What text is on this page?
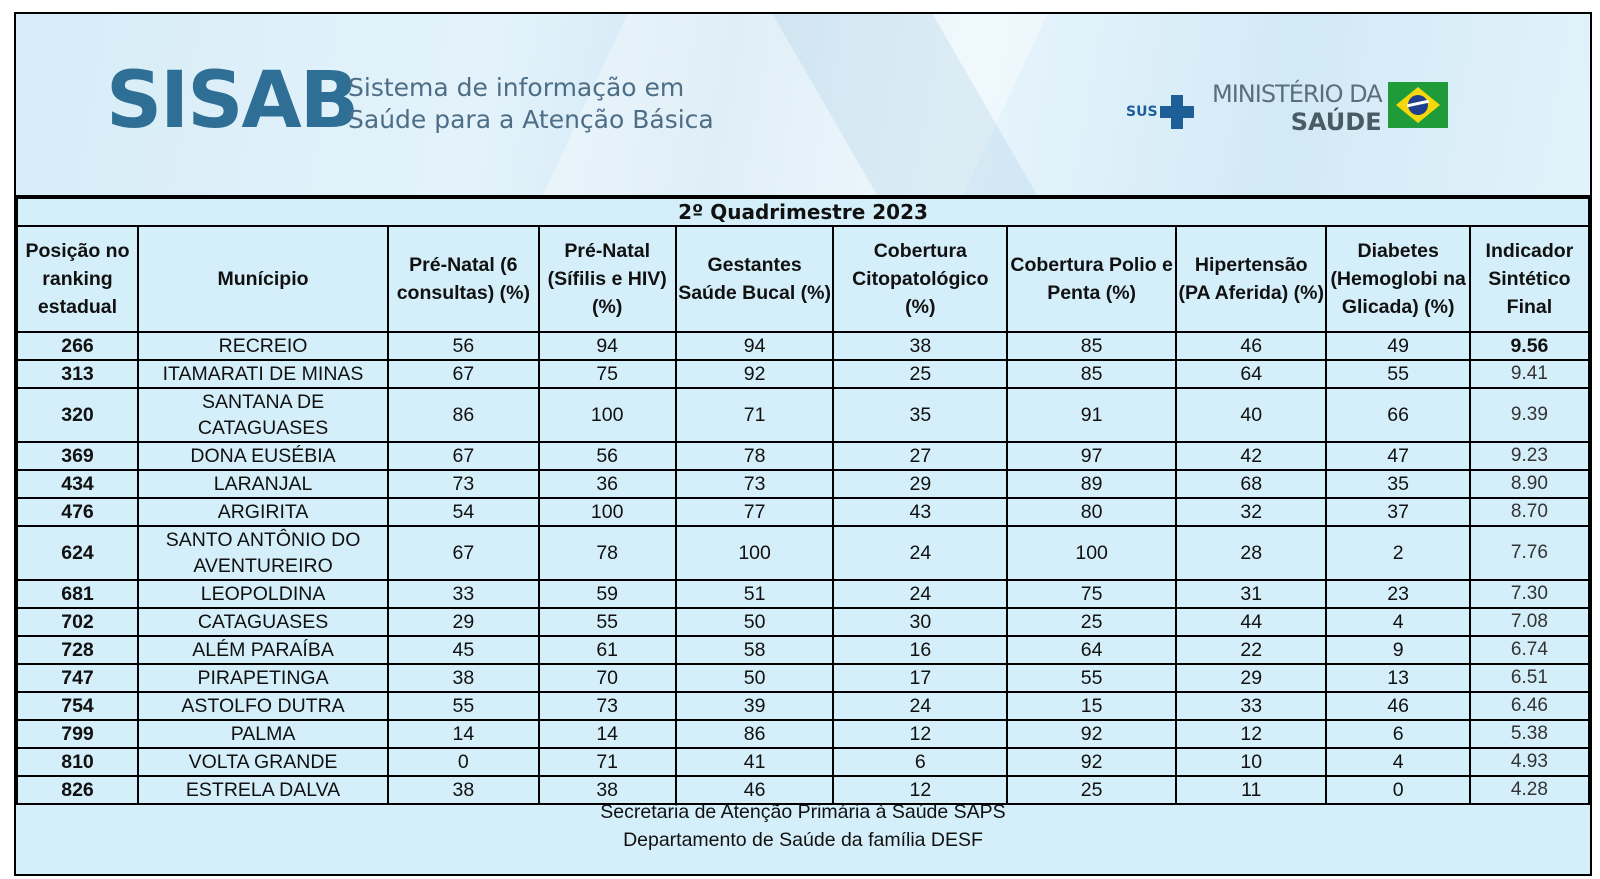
SISAB
Sistema de informação em
Saúde para a Atenção Básica	SUS
MINISTÉRIO DA
SAÚDE
2º Quadrimestre 2023									
Posição no ranking estadual	Munícipio	Pré-Natal (6 consultas) (%)	Pré-Natal (Sífilis e HIV) (%)	Gestantes Saúde Bucal (%)	Cobertura Citopatológico (%)	Cobertura Polio e Penta (%)	Hipertensão (PA Aferida) (%)	Diabetes (Hemoglobi na Glicada) (%)	Indicador Sintético Final
266	RECREIO	56	94	94	38	85	46	49	9.56
313	ITAMARATI DE MINAS	67	75	92	25	85	64	55	9.41
320	SANTANA DE CATAGUASES	86	100	71	35	91	40	66	9.39
369	DONA EUSÉBIA	67	56	78	27	97	42	47	9.23
434	LARANJAL	73	36	73	29	89	68	35	8.90
476	ARGIRITA	54	100	77	43	80	32	37	8.70
624	SANTO ANTÔNIO DO AVENTUREIRO	67	78	100	24	100	28	2	7.76
681	LEOPOLDINA	33	59	51	24	75	31	23	7.30
702	CATAGUASES	29	55	50	30	25	44	4	7.08
728	ALÉM PARAÍBA	45	61	58	16	64	22	9	6.74
747	PIRAPETINGA	38	70	50	17	55	29	13	6.51
754	ASTOLFO DUTRA	55	73	39	24	15	33	46	6.46
799	PALMA	14	14	86	12	92	12	6	5.38
810	VOLTA GRANDE	0	71	41	6	92	10	4	4.93
826	ESTRELA DALVA	38	38	46	12	25	11	0	4.28
Secretaria de Atenção Primária à Saúde SAPS
Departamento de Saúde da família DESF
